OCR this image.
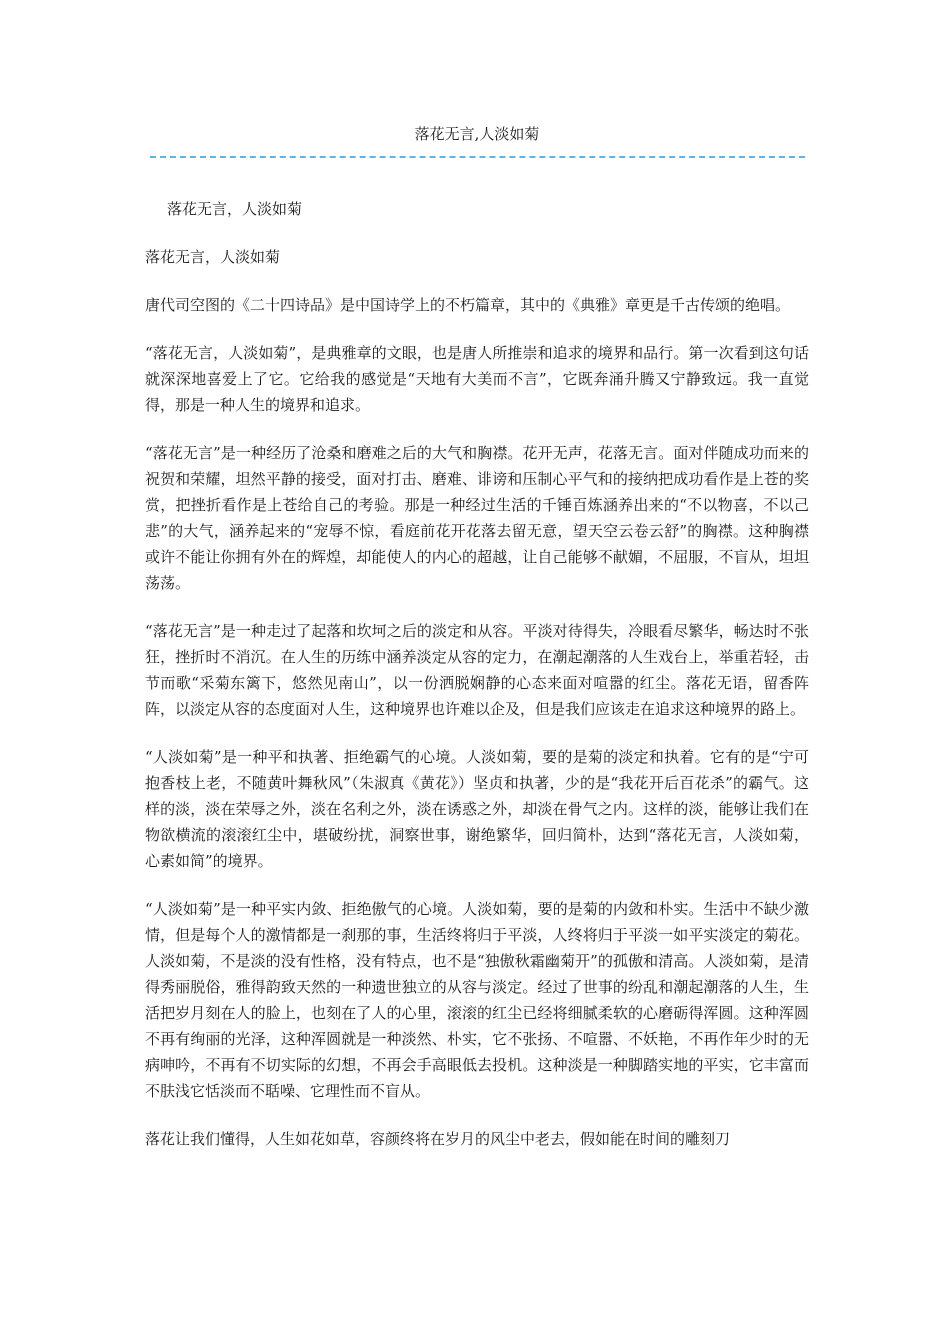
落花无言,人淡如菊

落花无言，人淡如菊

落花无言，人淡如菊

唐代司空图的《二十四诗品》是中国诗学上的不朽篇章，其中的《典雅》章更是千古传颂的绝唱。

“落花无言，人淡如菊”，是典雅章的文眼，也是唐人所推崇和追求的境界和品行。第一次看到这句话就深深地喜爱上了它。它给我的感觉是“天地有大美而不言”，它既奔涌升腾又宁静致远。我一直觉得，那是一种人生的境界和追求。

“落花无言”是一种经历了沧桑和磨难之后的大气和胸襟。花开无声，花落无言。面对伴随成功而来的祝贺和荣耀，坦然平静的接受，面对打击、磨难、诽谤和压制心平气和的接纳把成功看作是上苍的奖赏，把挫折看作是上苍给自己的考验。那是一种经过生活的千锤百炼涵养出来的“不以物喜，不以己悲”的大气，涵养起来的“宠辱不惊，看庭前花开花落去留无意，望天空云卷云舒”的胸襟。这种胸襟或许不能让你拥有外在的辉煌，却能使人的内心的超越，让自己能够不献媚，不屈服，不盲从，坦坦荡荡。

“落花无言”是一种走过了起落和坎坷之后的淡定和从容。平淡对待得失，冷眼看尽繁华，畅达时不张狂，挫折时不消沉。在人生的历练中涵养淡定从容的定力，在潮起潮落的人生戏台上，举重若轻，击节而歌“采菊东篱下，悠然见南山”，以一份洒脱娴静的心态来面对喧嚣的红尘。落花无语，留香阵阵，以淡定从容的态度面对人生，这种境界也许难以企及，但是我们应该走在追求这种境界的路上。

“人淡如菊”是一种平和执著、拒绝霸气的心境。人淡如菊，要的是菊的淡定和执着。它有的是“宁可抱香枝上老，不随黄叶舞秋风”（朱淑真《黄花》）坚贞和执著，少的是“我花开后百花杀”的霸气。这样的淡，淡在荣辱之外，淡在名利之外，淡在诱惑之外，却淡在骨气之内。这样的淡，能够让我们在物欲横流的滚滚红尘中，堪破纷扰，洞察世事，谢绝繁华，回归简朴，达到“落花无言，人淡如菊，心素如简”的境界。

“人淡如菊”是一种平实内敛、拒绝傲气的心境。人淡如菊，要的是菊的内敛和朴实。生活中不缺少激情，但是每个人的激情都是一刹那的事，生活终将归于平淡，人终将归于平淡一如平实淡定的菊花。人淡如菊，不是淡的没有性格，没有特点，也不是“独傲秋霜幽菊开”的孤傲和清高。人淡如菊，是清得秀丽脱俗，雅得韵致天然的一种遗世独立的从容与淡定。经过了世事的纷乱和潮起潮落的人生，生活把岁月刻在人的脸上，也刻在了人的心里，滚滚的红尘已经将细腻柔软的心磨砺得浑圆。这种浑圆不再有绚丽的光泽，这种浑圆就是一种淡然、朴实，它不张扬、不喧嚣、不妖艳，不再作年少时的无病呻吟，不再有不切实际的幻想，不再会手高眼低去投机。这种淡是一种脚踏实地的平实，它丰富而不肤浅它恬淡而不聒噪、它理性而不盲从。

落花让我们懂得，人生如花如草，容颜终将在岁月的风尘中老去，假如能在时间的雕刻刀
